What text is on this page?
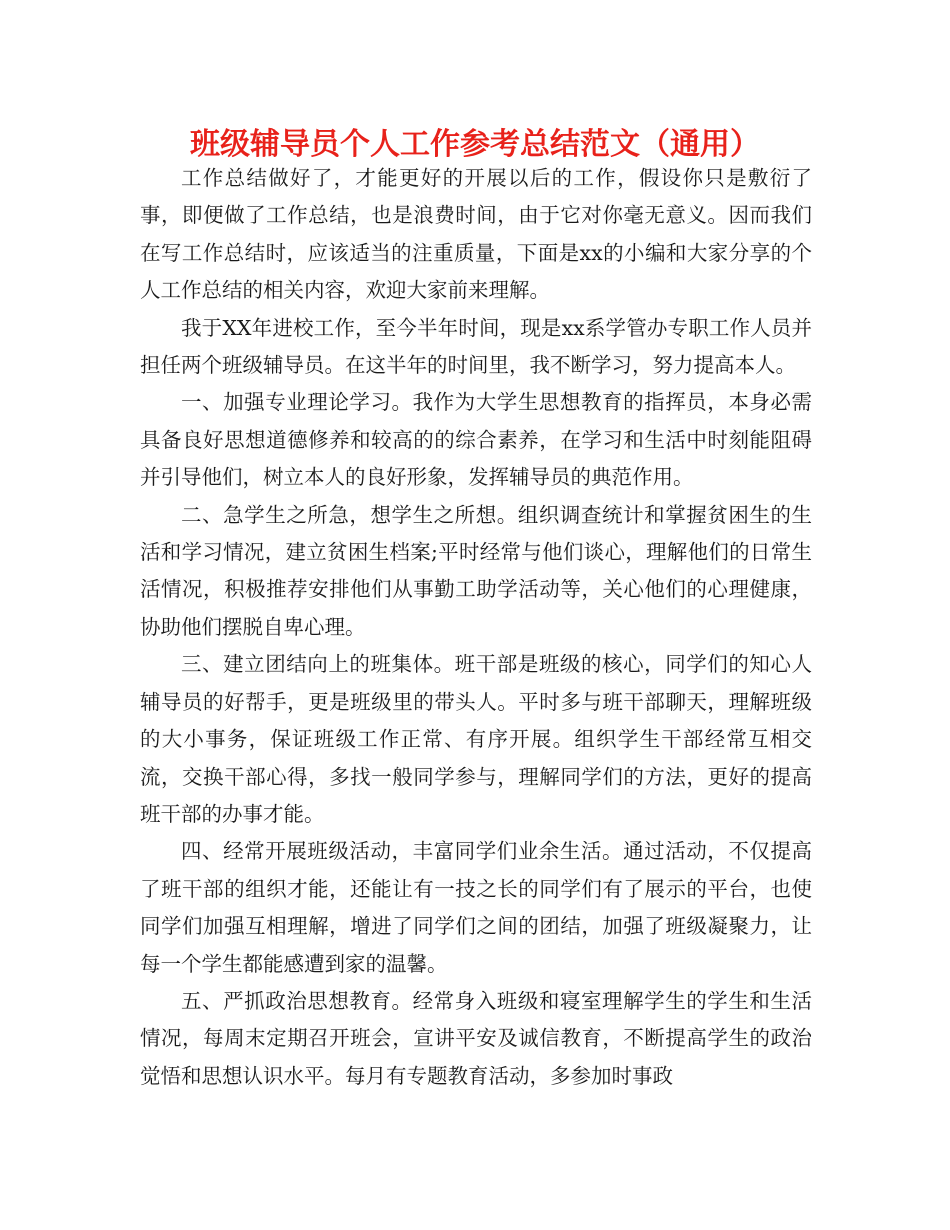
班级辅导员个人工作参考总结范文（通用）

工作总结做好了，才能更好的开展以后的工作，假设你只是敷衍了事，即便做了工作总结，也是浪费时间，由于它对你毫无意义。因而我们在写工作总结时，应该适当的注重质量，下面是xx的小编和大家分享的个人工作总结的相关内容，欢迎大家前来理解。

我于XX年进校工作，至今半年时间，现是xx系学管办专职工作人员并担任两个班级辅导员。在这半年的时间里，我不断学习，努力提高本人。

一、加强专业理论学习。我作为大学生思想教育的指挥员，本身必需具备良好思想道德修养和较高的的综合素养，在学习和生活中时刻能阻碍并引导他们，树立本人的良好形象，发挥辅导员的典范作用。

二、急学生之所急，想学生之所想。组织调查统计和掌握贫困生的生活和学习情况，建立贫困生档案;平时经常与他们谈心，理解他们的日常生活情况，积极推荐安排他们从事勤工助学活动等，关心他们的心理健康，协助他们摆脱自卑心理。

三、建立团结向上的班集体。班干部是班级的核心，同学们的知心人辅导员的好帮手，更是班级里的带头人。平时多与班干部聊天，理解班级的大小事务，保证班级工作正常、有序开展。组织学生干部经常互相交流，交换干部心得，多找一般同学参与，理解同学们的方法，更好的提高班干部的办事才能。

四、经常开展班级活动，丰富同学们业余生活。通过活动，不仅提高了班干部的组织才能，还能让有一技之长的同学们有了展示的平台，也使同学们加强互相理解，增进了同学们之间的团结，加强了班级凝聚力，让每一个学生都能感遭到家的温馨。

五、严抓政治思想教育。经常身入班级和寝室理解学生的学生和生活情况，每周末定期召开班会，宣讲平安及诚信教育，不断提高学生的政治觉悟和思想认识水平。每月有专题教育活动，多参加时事政
